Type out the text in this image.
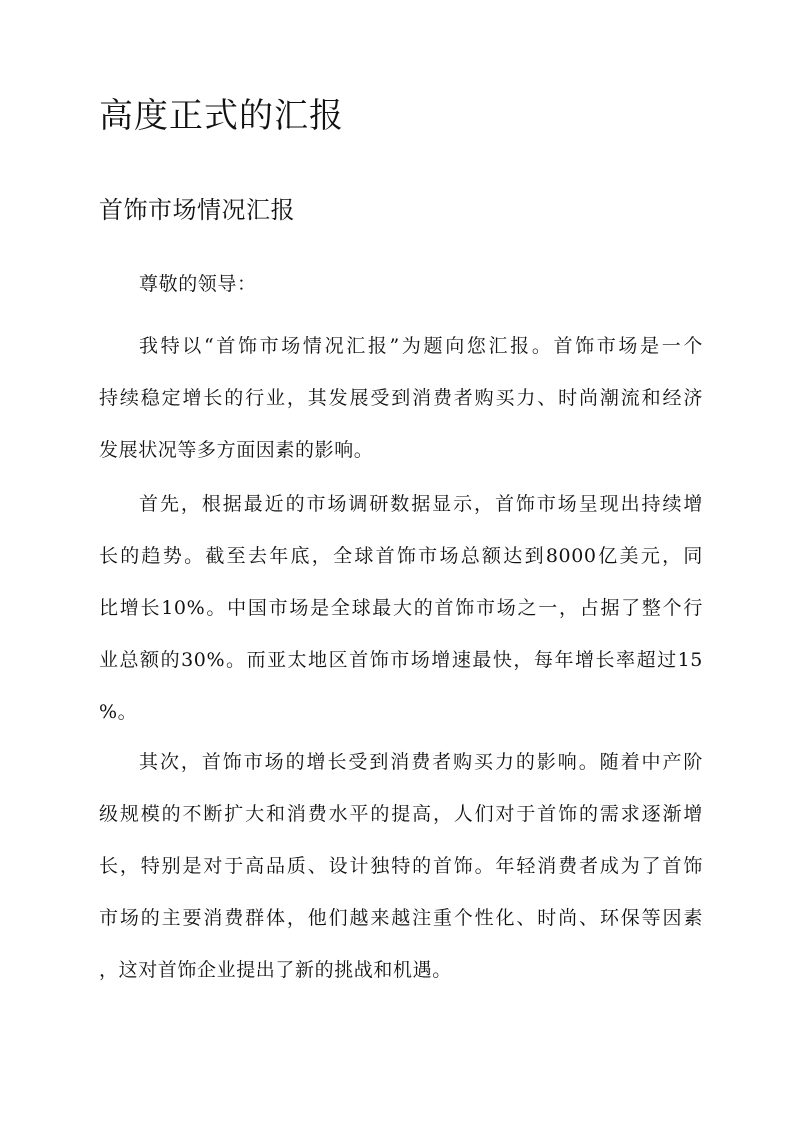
高度正式的汇报
首饰市场情况汇报

尊敬的领导：

我特以“首饰市场情况汇报”为题向您汇报。首饰市场是一个
持续稳定增长的行业，其发展受到消费者购买力、时尚潮流和经济
发展状况等多方面因素的影响。
首先，根据最近的市场调研数据显示，首饰市场呈现出持续增
长的趋势。截至去年底，全球首饰市场总额达到8000亿美元，同
比增长10%。中国市场是全球最大的首饰市场之一，占据了整个行
业总额的30%。而亚太地区首饰市场增速最快，每年增长率超过15
%。
其次，首饰市场的增长受到消费者购买力的影响。随着中产阶
级规模的不断扩大和消费水平的提高，人们对于首饰的需求逐渐增
长，特别是对于高品质、设计独特的首饰。年轻消费者成为了首饰
市场的主要消费群体，他们越来越注重个性化、时尚、环保等因素
，这对首饰企业提出了新的挑战和机遇。
